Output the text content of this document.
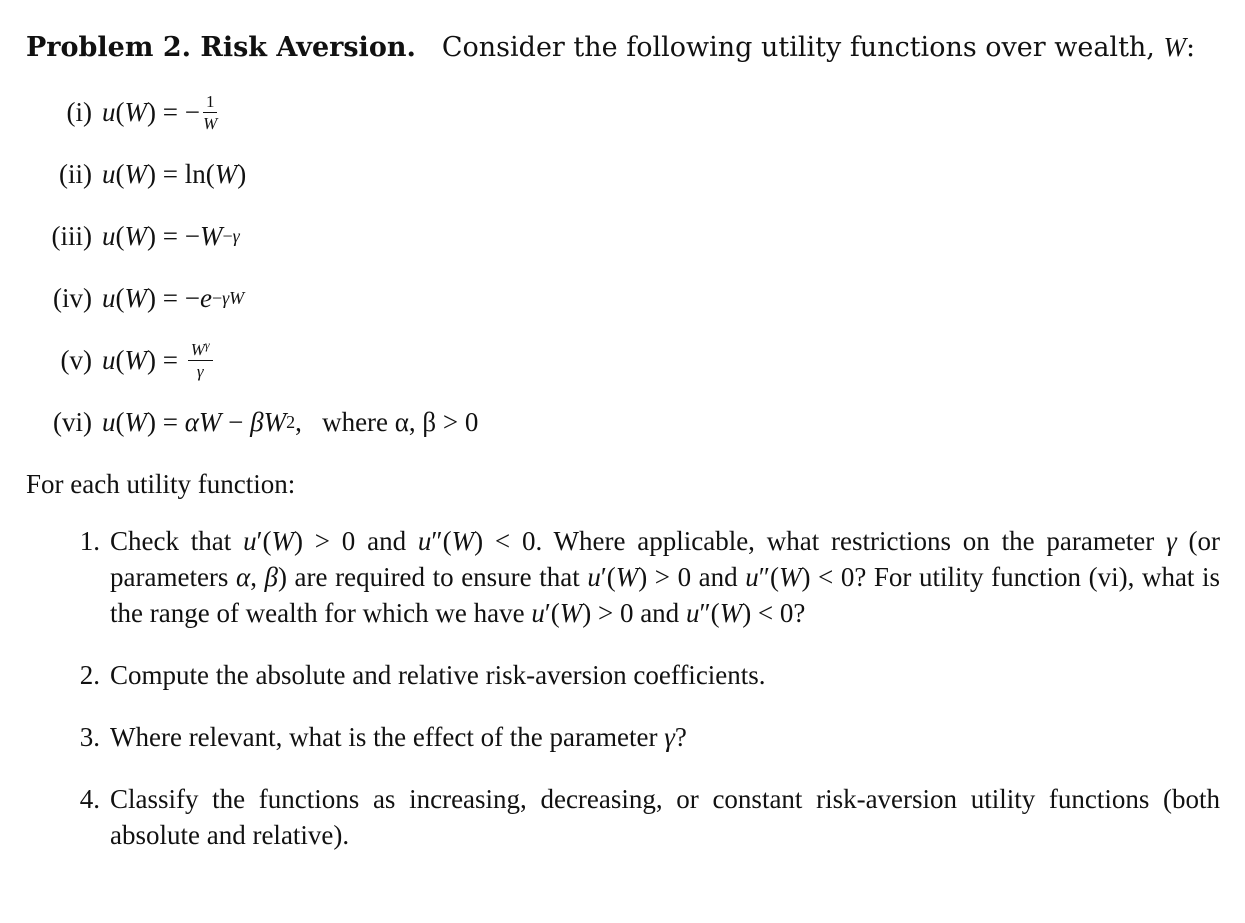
Problem 2. Risk Aversion. Consider the following utility functions over wealth, W:
(i) u ( W ) = − $\frac{1}{W}$
(ii) u ( W ) = ln( W )
(iii) u ( W ) = − W −γ
(iv) u ( W ) = − e −γW
(v) u ( W ) = $\frac{W^\gamma}{\gamma}$
(vi) u ( W ) = αW − βW 2 , where α, β > 0
For each utility function:
1. Check that u′(W) > 0 and u″(W) < 0. Where applicable, what restrictions on the parameter γ (or parameters α, β) are required to ensure that u′(W) > 0 and u″(W) < 0? For utility function (vi), what is the range of wealth for which we have u′(W) > 0 and u″(W) < 0?
2. Compute the absolute and relative risk-aversion coefficients.
3. Where relevant, what is the effect of the parameter γ?
4. Classify the functions as increasing, decreasing, or constant risk-aversion utility functions (both absolute and relative).
